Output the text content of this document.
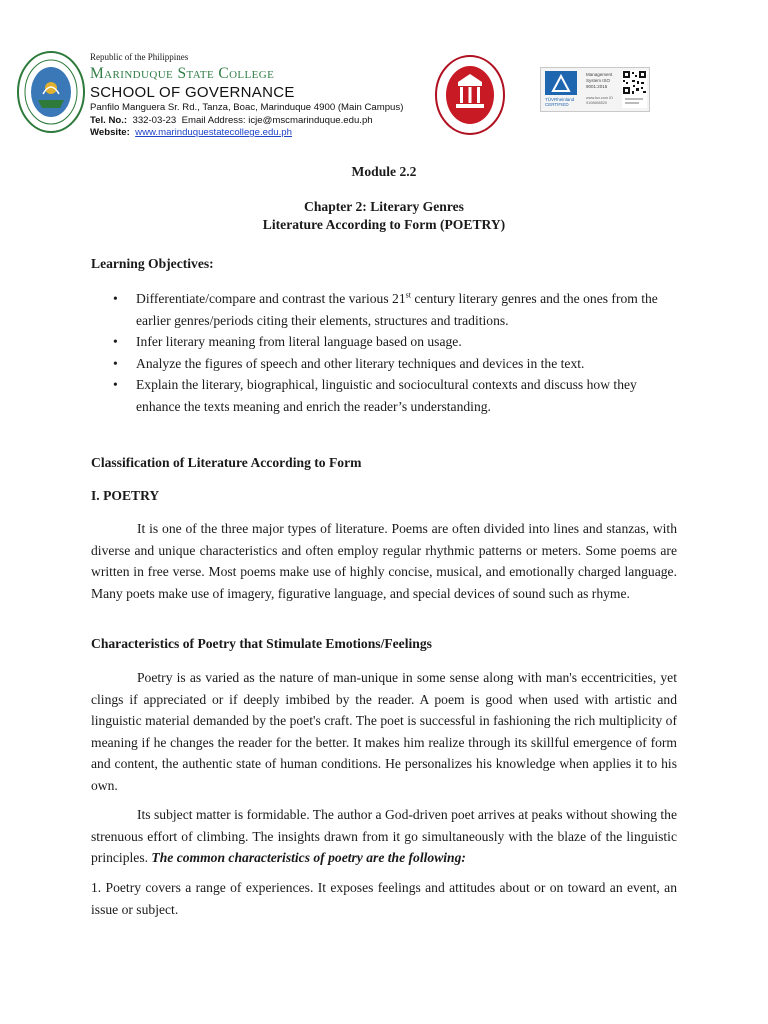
Republic of the Philippines
Marinduque State College
SCHOOL OF GOVERNANCE
Panfilo Manguera Sr. Rd., Tanza, Boac, Marinduque 4900 (Main Campus)
Tel. No.: 332-03-23 Email Address: icje@mscmarinduque.edu.ph
Website: www.marinduquestatecollege.edu.ph
TÜVRheinland CERTIFIED
Management System ISO 9001:2015
www.tuv.com ID 9108658520
Module 2.2
Chapter 2: Literary Genres
Literature According to Form (POETRY)
Learning Objectives:
• Differentiate/compare and contrast the various 21st century literary genres and the ones from the earlier genres/periods citing their elements, structures and traditions.
• Infer literary meaning from literal language based on usage.
• Analyze the figures of speech and other literary techniques and devices in the text.
• Explain the literary, biographical, linguistic and sociocultural contexts and discuss how they enhance the texts meaning and enrich the reader’s understanding.
Classification of Literature According to Form
I. POETRY
It is one of the three major types of literature. Poems are often divided into lines and stanzas, with diverse and unique characteristics and often employ regular rhythmic patterns or meters. Some poems are written in free verse. Most poems make use of highly concise, musical, and emotionally charged language. Many poets make use of imagery, figurative language, and special devices of sound such as rhyme.
Characteristics of Poetry that Stimulate Emotions/Feelings
Poetry is as varied as the nature of man-unique in some sense along with man's eccentricities, yet clings if appreciated or if deeply imbibed by the reader. A poem is good when used with artistic and linguistic material demanded by the poet's craft. The poet is successful in fashioning the rich multiplicity of meaning if he changes the reader for the better. It makes him realize through its skillful emergence of form and content, the authentic state of human conditions. He personalizes his knowledge when applies it to his own.
Its subject matter is formidable. The author a God-driven poet arrives at peaks without showing the strenuous effort of climbing. The insights drawn from it go simultaneously with the blaze of the linguistic principles. The common characteristics of poetry are the following:
1. Poetry covers a range of experiences. It exposes feelings and attitudes about or on toward an event, an issue or subject.
